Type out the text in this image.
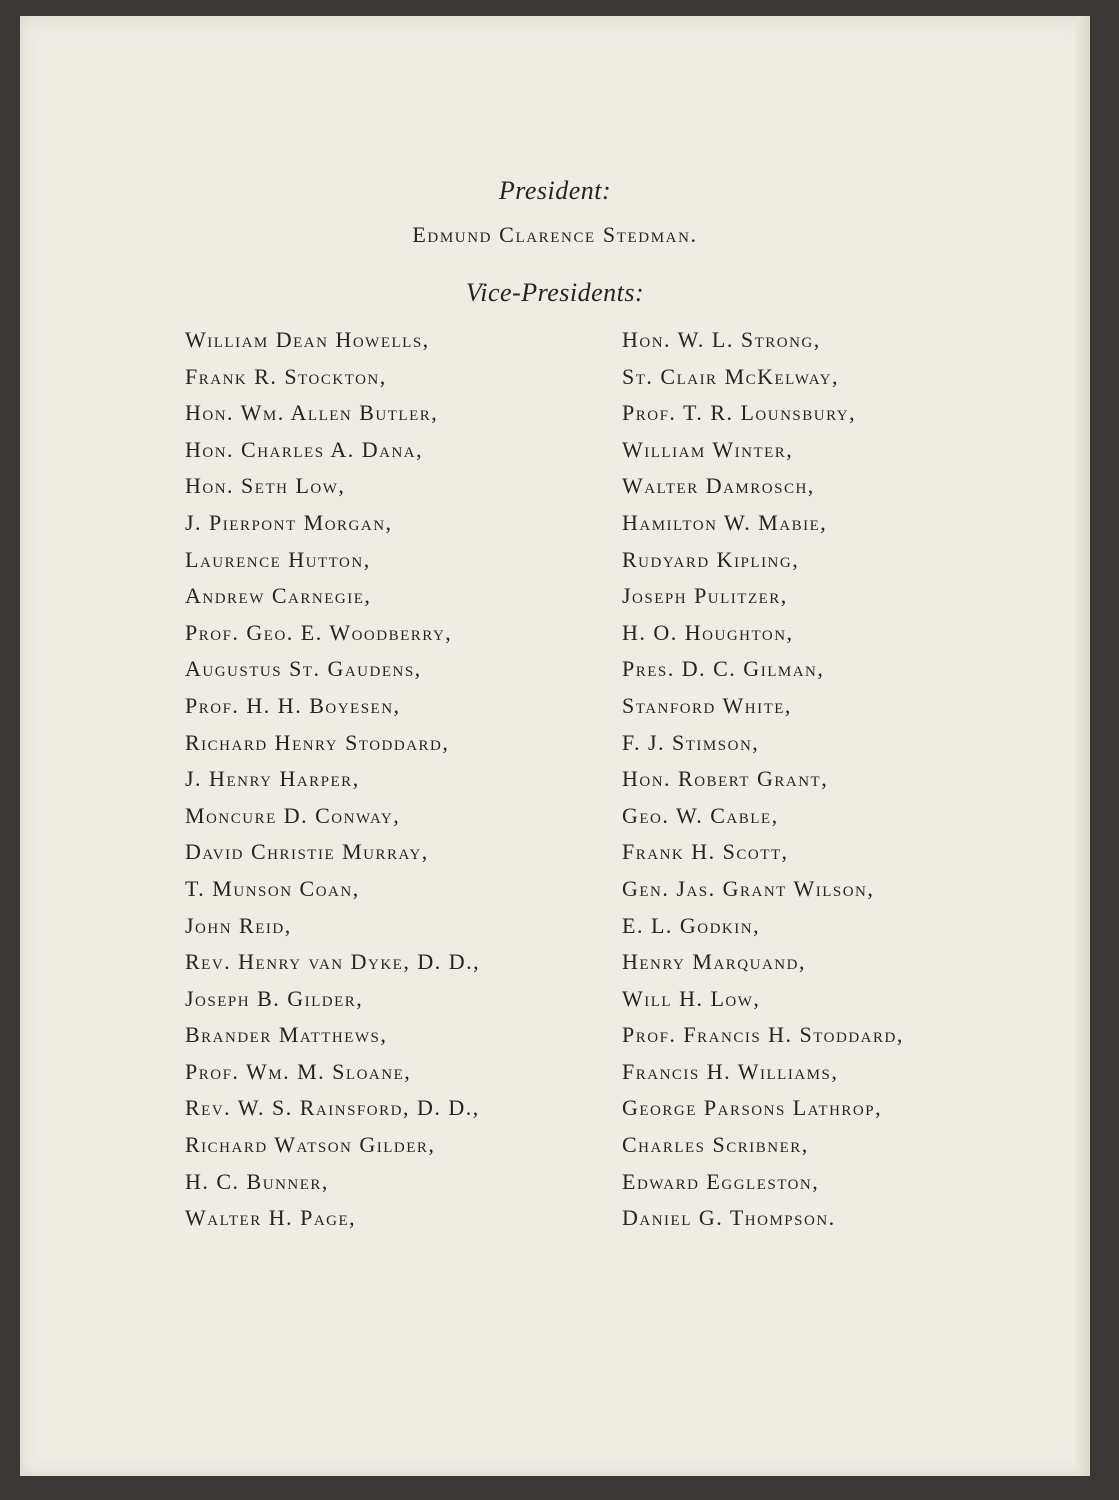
President:
Edmund Clarence Stedman.
Vice-Presidents:
William Dean Howells,
Frank R. Stockton,
Hon. Wm. Allen Butler,
Hon. Charles A. Dana,
Hon. Seth Low,
J. Pierpont Morgan,
Laurence Hutton,
Andrew Carnegie,
Prof. Geo. E. Woodberry,
Augustus St. Gaudens,
Prof. H. H. Boyesen,
Richard Henry Stoddard,
J. Henry Harper,
Moncure D. Conway,
David Christie Murray,
T. Munson Coan,
John Reid,
Rev. Henry van Dyke, D. D.,
Joseph B. Gilder,
Brander Matthews,
Prof. Wm. M. Sloane,
Rev. W. S. Rainsford, D. D.,
Richard Watson Gilder,
H. C. Bunner,
Walter H. Page,
Hon. W. L. Strong,
St. Clair McKelway,
Prof. T. R. Lounsbury,
William Winter,
Walter Damrosch,
Hamilton W. Mabie,
Rudyard Kipling,
Joseph Pulitzer,
H. O. Houghton,
Pres. D. C. Gilman,
Stanford White,
F. J. Stimson,
Hon. Robert Grant,
Geo. W. Cable,
Frank H. Scott,
Gen. Jas. Grant Wilson,
E. L. Godkin,
Henry Marquand,
Will H. Low,
Prof. Francis H. Stoddard,
Francis H. Williams,
George Parsons Lathrop,
Charles Scribner,
Edward Eggleston,
Daniel G. Thompson.
